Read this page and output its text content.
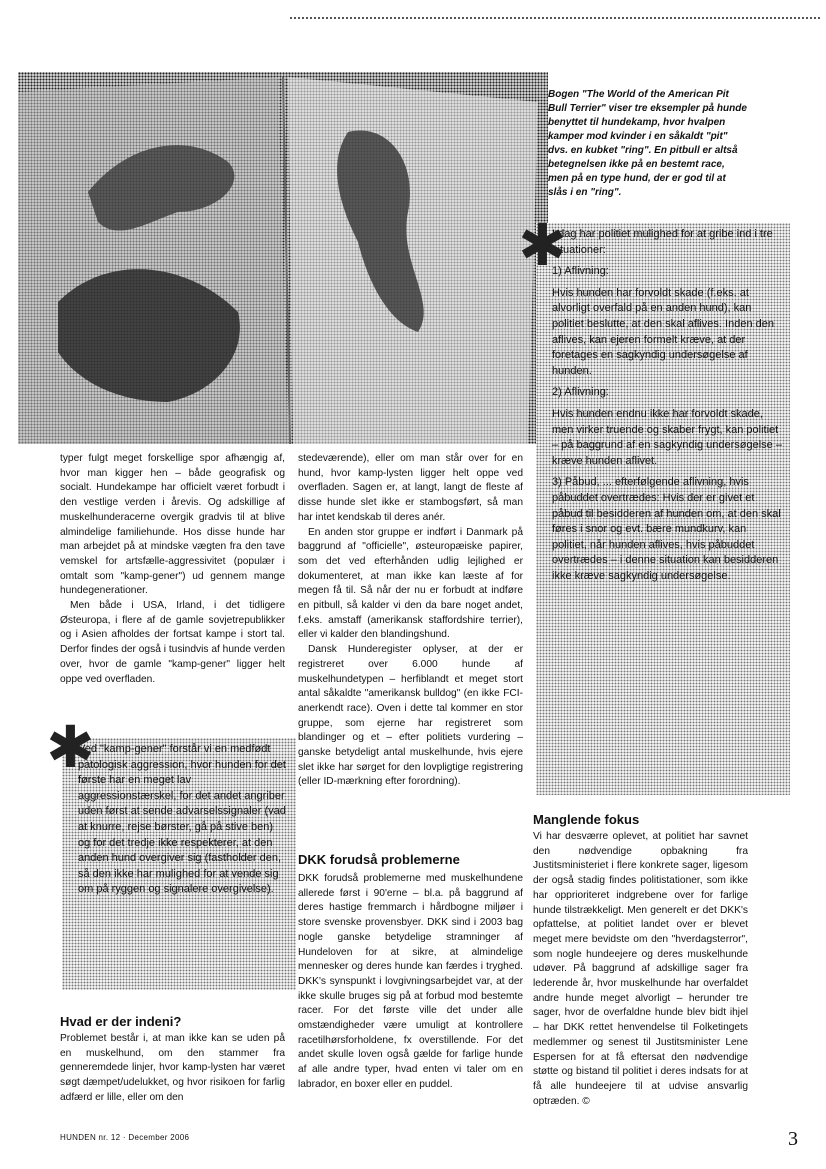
Bogen "The World of the American Pit Bull Terrier" viser tre eksempler på hunde benyttet til hundekamp, hvor hvalpen kamper mod kvinder i en såkaldt "pit" dvs. en kubket "ring". En pitbull er altså betegnelsen ikke på en bestemt race, men på en type hund, der er god til at slås i en "ring".

I dag har politiet mulighed for at gribe ind i tre situationer:

1) Aflivning:

Hvis hunden har forvoldt skade (f.eks. at alvorligt overfald på en anden hund), kan politiet beslutte, at den skal aflives. Inden den aflives, kan ejeren formelt kræve, at der foretages en sagkyndig undersøgelse af hunden.

2) Aflivning:

Hvis hunden endnu ikke har forvoldt skade, men virker truende og skaber frygt, kan politiet – på baggrund af en sagkyndig undersøgelse – kræve hunden aflivet.

3) Påbud, ... efterfølgende aflivning, hvis påbuddet overtrædes: Hvis der er givet et påbud til besidderen af hunden om, at den skal føres i snor og evt. bære mundkurv, kan politiet, når hunden aflives, hvis påbuddet overtrædes – i denne situation kan besidderen ikke kræve sagkyndig undersøgelse.

✱

typer fulgt meget forskellige spor afhængig af, hvor man kigger hen – både geografisk og socialt. Hundekampe har officielt været forbudt i den vestlige verden i årevis. Og adskillige af muskelhunderacerne overgik gradvis til at blive almindelige familiehunde. Hos disse hunde har man arbejdet på at mindske vægten fra den tave vemskel for artsfælle-aggressivitet (populær i omtalt som "kamp-gener") ud gennem mange hundegenerationer.

Men både i USA, Irland, i det tidligere Østeuropa, i flere af de gamle sovjetrepublikker og i Asien afholdes der fortsat kampe i stort tal. Derfor findes der også i tusindvis af hunde verden over, hvor de gamle "kamp-gener" ligger helt oppe ved overfladen.

Ved "kamp-gener" forstår vi en medfødt patologisk aggression, hvor hunden for det første har en meget lav aggressionstærskel, for det andet angriber uden først at sende advarselssignaler (vad at knurre, rejse børster, gå på stive ben) og for det tredje ikke respekterer, at den anden hund overgiver sig (fastholder den, så den ikke har mulighed for at vende sig om på ryggen og signalere overgivelse).

✱
Hvad er der indeni?

Problemet består i, at man ikke kan se uden på en muskelhund, om den stammer fra genneremdede linjer, hvor kamp-lysten har været søgt dæmpet/udelukket, og hvor risikoen for farlig adfærd er lille, eller om den

stedeværende), eller om man står over for en hund, hvor kamp-lysten ligger helt oppe ved overfladen. Sagen er, at langt, langt de fleste af disse hunde slet ikke er stambogsført, så man har intet kendskab til deres anér.

En anden stor gruppe er indført i Danmark på baggrund af "officielle", østeuropæiske papirer, som det ved efterhånden udlig lejlighed er dokumenteret, at man ikke kan læste af for megen få til. Så når der nu er forbudt at indføre en pitbull, så kalder vi den da bare noget andet, f.eks. amstaff (amerikansk staffordshire terrier), eller vi kalder den blandingshund.

Dansk Hunderegister oplyser, at der er registreret over 6.000 hunde af muskelhundetypen – herfiblandt et meget stort antal såkaldte "amerikansk bulldog" (en ikke FCI-anerkendt race). Oven i dette tal kommer en stor gruppe, som ejerne har registreret som blandinger og et – efter politiets vurdering – ganske betydeligt antal muskelhunde, hvis ejere slet ikke har sørget for den lovpligtige registrering (eller ID-mærkning efter forordning).

DKK forudså problemerne

DKK forudså problemerne med muskelhundene allerede først i 90'erne – bl.a. på baggrund af deres hastige fremmarch i hårdbogne miljøer i store svenske provensbyer. DKK sind i 2003 bag nogle ganske betydelige stramninger af Hundeloven for at sikre, at almindelige mennesker og deres hunde kan færdes i tryghed. DKK's synspunkt i lovgivningsarbejdet var, at der ikke skulle bruges sig på at forbud mod bestemte racer. For det første ville det under alle omstændigheder være umuligt at kontrollere racetilhørsforholdene, fx overstillende. For det andet skulle loven også gælde for farlige hunde af alle andre typer, hvad enten vi taler om en labrador, en boxer eller en puddel.

Manglende fokus

Vi har desværre oplevet, at politiet har savnet den nødvendige opbakning fra Justitsministeriet i flere konkrete sager, ligesom der også stadig findes politistationer, som ikke har opprioriteret indgrebene over for farlige hunde tilstrækkeligt. Men generelt er det DKK's opfattelse, at politiet landet over er blevet meget mere bevidste om den "hverdagsterror", som nogle hundeejere og deres muskelhunde udøver. På baggrund af adskillige sager fra lederende år, hvor muskelhunde har overfaldet andre hunde meget alvorligt – herunder tre sager, hvor de overfaldne hunde blev bidt ihjel – har DKK rettet henvendelse til Folketingets medlemmer og senest til Justitsminister Lene Espersen for at få eftersat den nødvendige støtte og bistand til politiet i deres indsats for at få alle hundeejere til at udvise ansvarlig optræden. ©

HUNDEN nr. 12 · December 2006	3
